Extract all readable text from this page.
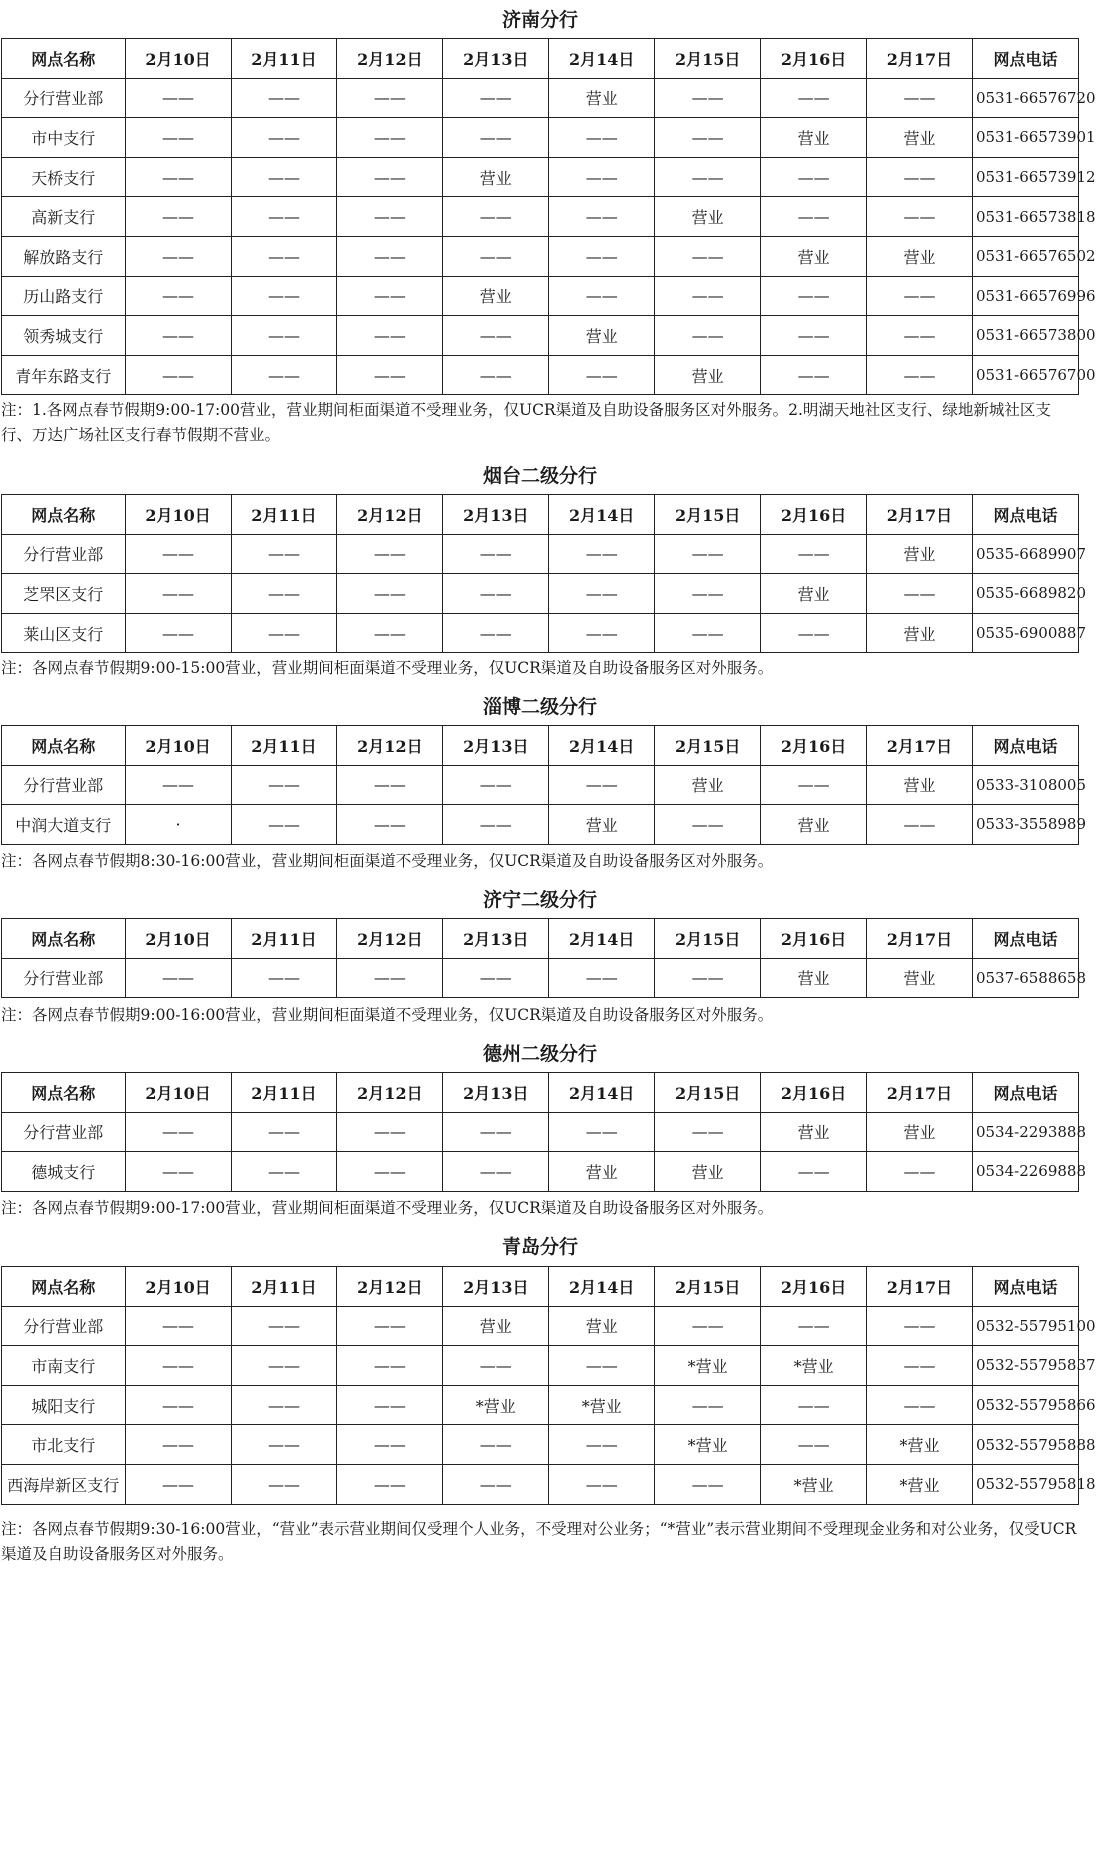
济南分行
网点名称	2月10日	2月11日	2月12日	2月13日	2月14日	2月15日	2月16日	2月17日	网点电话
分行营业部	——	——	——	——	营业	——	——	——	0531-66576720
市中支行	——	——	——	——	——	——	营业	营业	0531-66573901
天桥支行	——	——	——	营业	——	——	——	——	0531-66573912
高新支行	——	——	——	——	——	营业	——	——	0531-66573818
解放路支行	——	——	——	——	——	——	营业	营业	0531-66576502
历山路支行	——	——	——	营业	——	——	——	——	0531-66576996
领秀城支行	——	——	——	——	营业	——	——	——	0531-66573800
青年东路支行	——	——	——	——	——	营业	——	——	0531-66576700

注：1.各网点春节假期9:00-17:00营业，营业期间柜面渠道不受理业务，仅UCR渠道及自助设备服务区对外服务。2.明湖天地社区支行、绿地新城社区支行、万达广场社区支行春节假期不营业。

烟台二级分行
网点名称	2月10日	2月11日	2月12日	2月13日	2月14日	2月15日	2月16日	2月17日	网点电话
分行营业部	——	——	——	——	——	——	——	营业	0535-6689907
芝罘区支行	——	——	——	——	——	——	营业	——	0535-6689820
莱山区支行	——	——	——	——	——	——	——	营业	0535-6900887

注：各网点春节假期9:00-15:00营业，营业期间柜面渠道不受理业务，仅UCR渠道及自助设备服务区对外服务。

淄博二级分行
网点名称	2月10日	2月11日	2月12日	2月13日	2月14日	2月15日	2月16日	2月17日	网点电话
分行营业部	——	——	——	——	——	营业	——	营业	0533-3108005
中润大道支行	·	——	——	——	营业	——	营业	——	0533-3558989

注：各网点春节假期8:30-16:00营业，营业期间柜面渠道不受理业务，仅UCR渠道及自助设备服务区对外服务。

济宁二级分行
网点名称	2月10日	2月11日	2月12日	2月13日	2月14日	2月15日	2月16日	2月17日	网点电话
分行营业部	——	——	——	——	——	——	营业	营业	0537-6588658

注：各网点春节假期9:00-16:00营业，营业期间柜面渠道不受理业务，仅UCR渠道及自助设备服务区对外服务。

德州二级分行
网点名称	2月10日	2月11日	2月12日	2月13日	2月14日	2月15日	2月16日	2月17日	网点电话
分行营业部	——	——	——	——	——	——	营业	营业	0534-2293888
德城支行	——	——	——	——	营业	营业	——	——	0534-2269888

注：各网点春节假期9:00-17:00营业，营业期间柜面渠道不受理业务，仅UCR渠道及自助设备服务区对外服务。

青岛分行
网点名称	2月10日	2月11日	2月12日	2月13日	2月14日	2月15日	2月16日	2月17日	网点电话
分行营业部	——	——	——	营业	营业	——	——	——	0532-55795100
市南支行	——	——	——	——	——	*营业	*营业	——	0532-55795837
城阳支行	——	——	——	*营业	*营业	——	——	——	0532-55795866
市北支行	——	——	——	——	——	*营业	——	*营业	0532-55795888
西海岸新区支行	——	——	——	——	——	——	*营业	*营业	0532-55795818

注：各网点春节假期9:30-16:00营业，“营业”表示营业期间仅受理个人业务，不受理对公业务；“*营业”表示营业期间不受理现金业务和对公业务，仅受UCR渠道及自助设备服务区对外服务。
